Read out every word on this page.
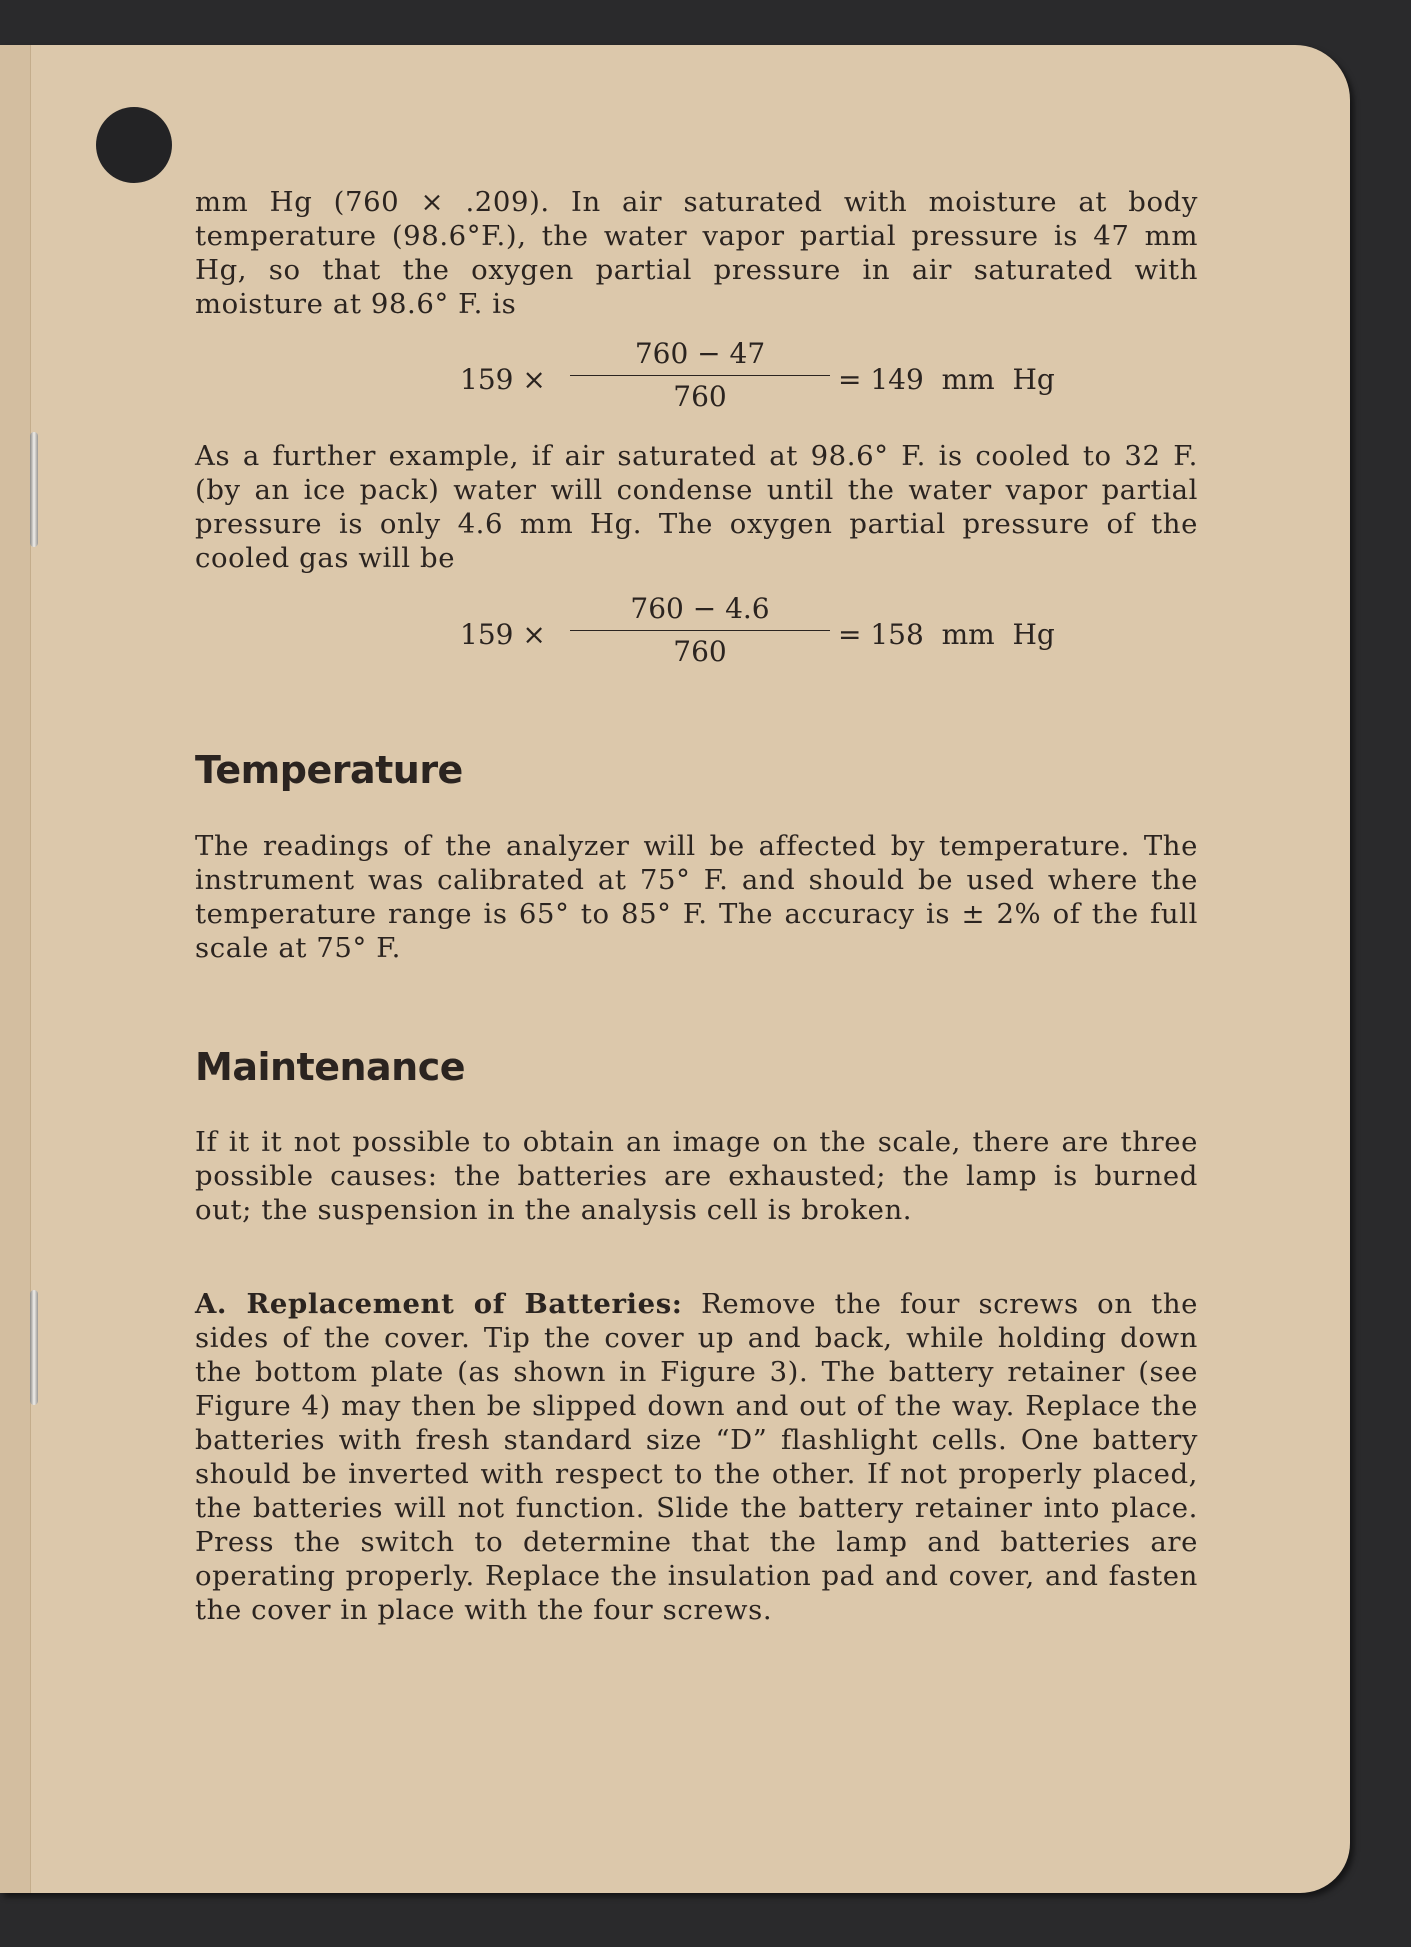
mm Hg (760 × .209). In air saturated with moisture at body temperature (98.6°F.), the water vapor partial pressure is 47 mm Hg, so that the oxygen partial pressure in air saturated with moisture at 98.6° F. is

159 ×
760 − 47
760
= 149  mm  Hg

As a further example, if air saturated at 98.6° F. is cooled to 32 F. (by an ice pack) water will condense until the water vapor partial pressure is only 4.6 mm Hg. The oxygen partial pressure of the cooled gas will be

159 ×
760 − 4.6
760
= 158  mm  Hg
Temperature

The readings of the analyzer will be affected by temperature. The instrument was calibrated at 75° F. and should be used where the temperature range is 65° to 85° F. The accuracy is ± 2% of the full scale at 75° F.

Maintenance

If it it not possible to obtain an image on the scale, there are three possible causes: the batteries are exhausted; the lamp is burned out; the suspension in the analysis cell is broken.

A. Replacement of Batteries: Remove the four screws on the sides of the cover. Tip the cover up and back, while holding down the bottom plate (as shown in Figure 3). The battery retainer (see Figure 4) may then be slipped down and out of the way. Replace the batteries with fresh standard size “D” flashlight cells. One battery should be inverted with respect to the other. If not properly placed, the batteries will not function. Slide the battery retainer into place. Press the switch to determine that the lamp and batteries are operating properly. Replace the insulation pad and cover, and fasten the cover in place with the four screws.
